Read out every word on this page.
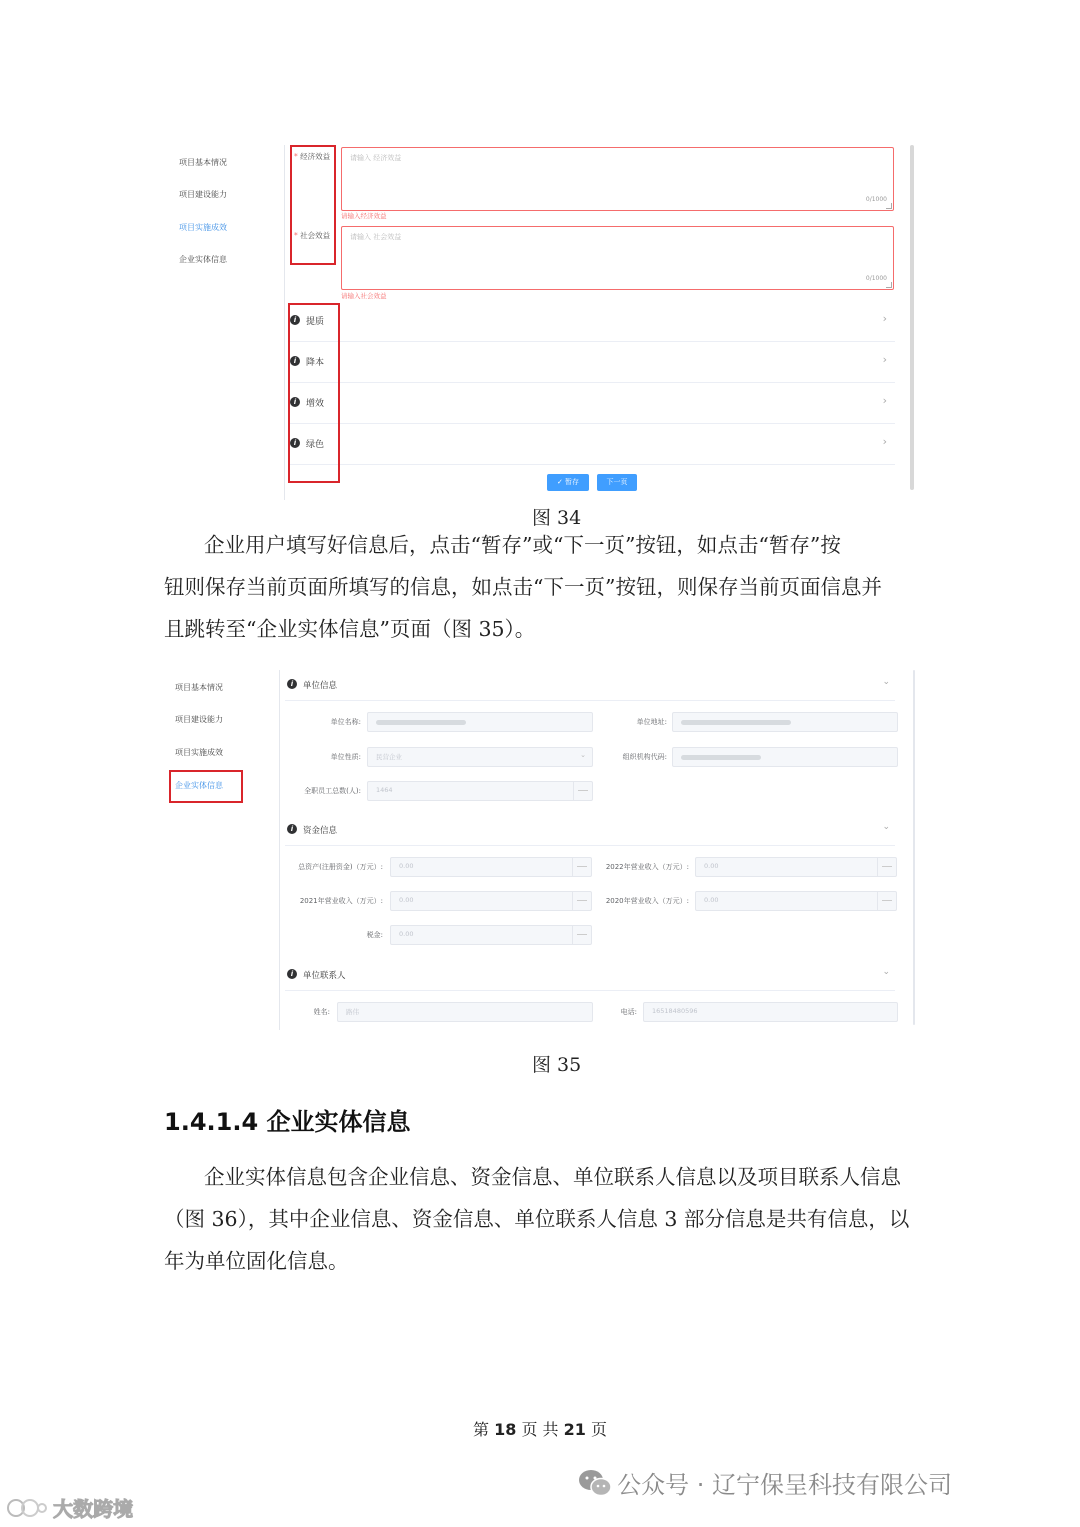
项目基本情况
项目建设能力
项目实施成效
企业实体信息
* 经济效益	请输入 经济效益
0/1000
请输入经济效益
* 社会效益	请输入 社会效益
0/1000
请输入社会效益
i	提质	›
i	降本	›
i	增效	›
i	绿色	›
✓ 暂存	下一页
图 34
企业用户填写好信息后，点击“暂存”或“下一页”按钮，如点击“暂存”按
钮则保存当前页面所填写的信息，如点击“下一页”按钮，则保存当前页面信息并
且跳转至“企业实体信息”页面（图 35）。
项目基本情况
项目建设能力
项目实施成效
企业实体信息
i	单位信息	⌄
单位名称:	单位地址:
单位性质: 民营企业	⌄	组织机构代码:
全职员工总数(人): 1464
i	资金信息	⌄
总资产(注册资金)（万元）: 0.00	2022年营业收入（万元）: 0.00
2021年营业收入（万元）: 0.00	2020年营业收入（万元）: 0.00
税金: 0.00
i	单位联系人	⌄
姓名: 路伟	电话: 16518480596
图 35
1.4.1.4 企业实体信息
企业实体信息包含企业信息、资金信息、单位联系人信息以及项目联系人信息
（图 36），其中企业信息、资金信息、单位联系人信息 3 部分信息是共有信息，以
年为单位固化信息。
第 18 页 共 21 页
公众号 · 辽宁保呈科技有限公司
大数跨境
